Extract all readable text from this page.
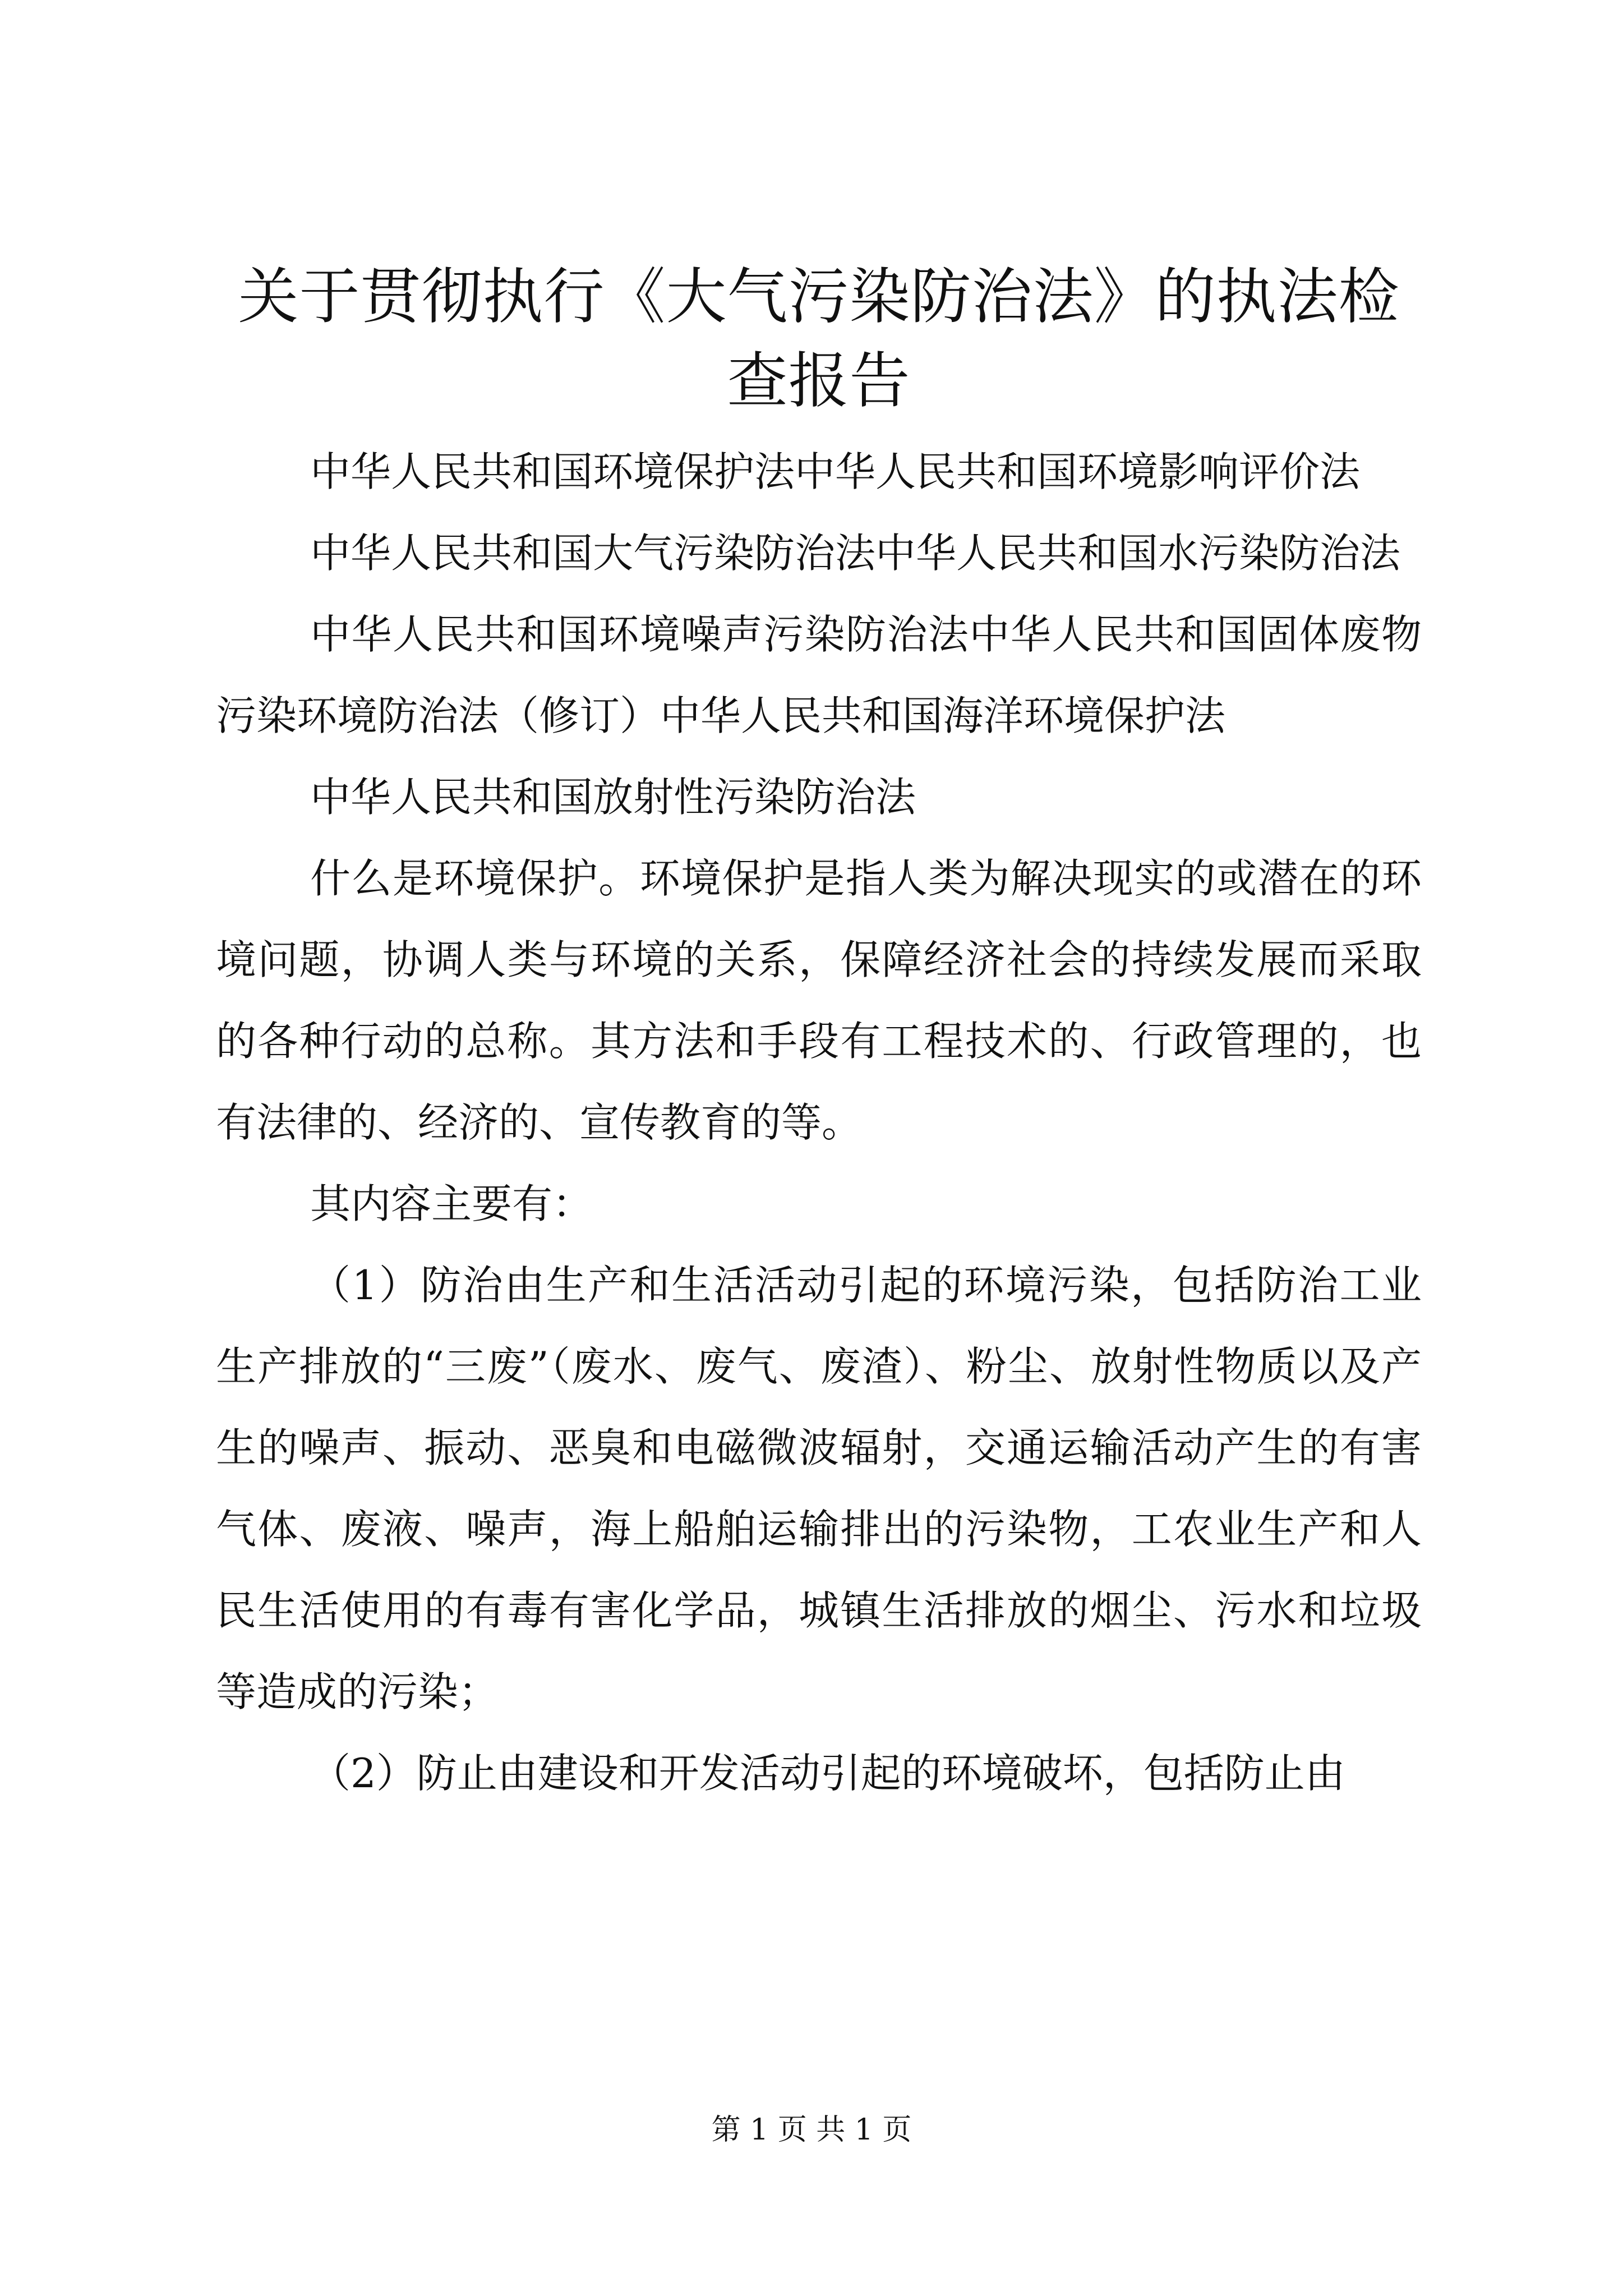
关于贯彻执行《大气污染防治法》的执法检查报告

中华人民共和国环境保护法中华人民共和国环境影响评价法

中华人民共和国大气污染防治法中华人民共和国水污染防治法

中华人民共和国环境噪声污染防治法中华人民共和国固体废物污染环境防治法（修订）中华人民共和国海洋环境保护法

中华人民共和国放射性污染防治法

什么是环境保护。环境保护是指人类为解决现实的或潜在的环境问题，协调人类与环境的关系，保障经济社会的持续发展而采取的各种行动的总称。其方法和手段有工程技术的、行政管理的，也有法律的、经济的、宣传教育的等。

其内容主要有：

（1）防治由生产和生活活动引起的环境污染，包括防治工业生产排放的“三废”（废水、废气、废渣）、粉尘、放射性物质以及产生的噪声、振动、恶臭和电磁微波辐射，交通运输活动产生的有害气体、废液、噪声，海上船舶运输排出的污染物，工农业生产和人民生活使用的有毒有害化学品，城镇生活排放的烟尘、污水和垃圾等造成的污染；

（2）防止由建设和开发活动引起的环境破坏，包括防止由

第 1 页 共 1 页
